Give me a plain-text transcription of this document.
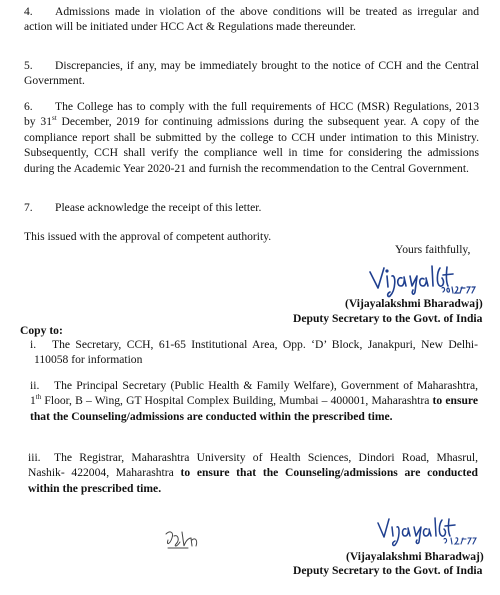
4. Admissions made in violation of the above conditions will be treated as irregular and action will be initiated under HCC Act & Regulations made thereunder.

5. Discrepancies, if any, may be immediately brought to the notice of CCH and the Central Government.

6. The College has to comply with the full requirements of HCC (MSR) Regulations, 2013 by 31st December, 2019 for continuing admissions during the subsequent year. A copy of the compliance report shall be submitted by the college to CCH under intimation to this Ministry. Subsequently, CCH shall verify the compliance well in time for considering the admissions during the Academic Year 2020-21 and furnish the recommendation to the Central Government.

7. Please acknowledge the receipt of this letter.

This issued with the approval of competent authority.

Yours faithfully,
(Vijayalakshmi Bharadwaj)
Deputy Secretary to the Govt. of India
Copy to:
i. The Secretary, CCH, 61-65 Institutional Area, Opp. ‘D’ Block, Janakpuri, New Delhi-110058 for information
ii. The Principal Secretary (Public Health & Family Welfare), Government of Maharashtra, 1th Floor, B – Wing, GT Hospital Complex Building, Mumbai – 400001, Maharashtra to ensure that the Counseling/admissions are conducted within the prescribed time.
iii. The Registrar, Maharashtra University of Health Sciences, Dindori Road, Mhasrul, Nashik- 422004, Maharashtra to ensure that the Counseling/admissions are conducted within the prescribed time.
(Vijayalakshmi Bharadwaj)
Deputy Secretary to the Govt. of India
